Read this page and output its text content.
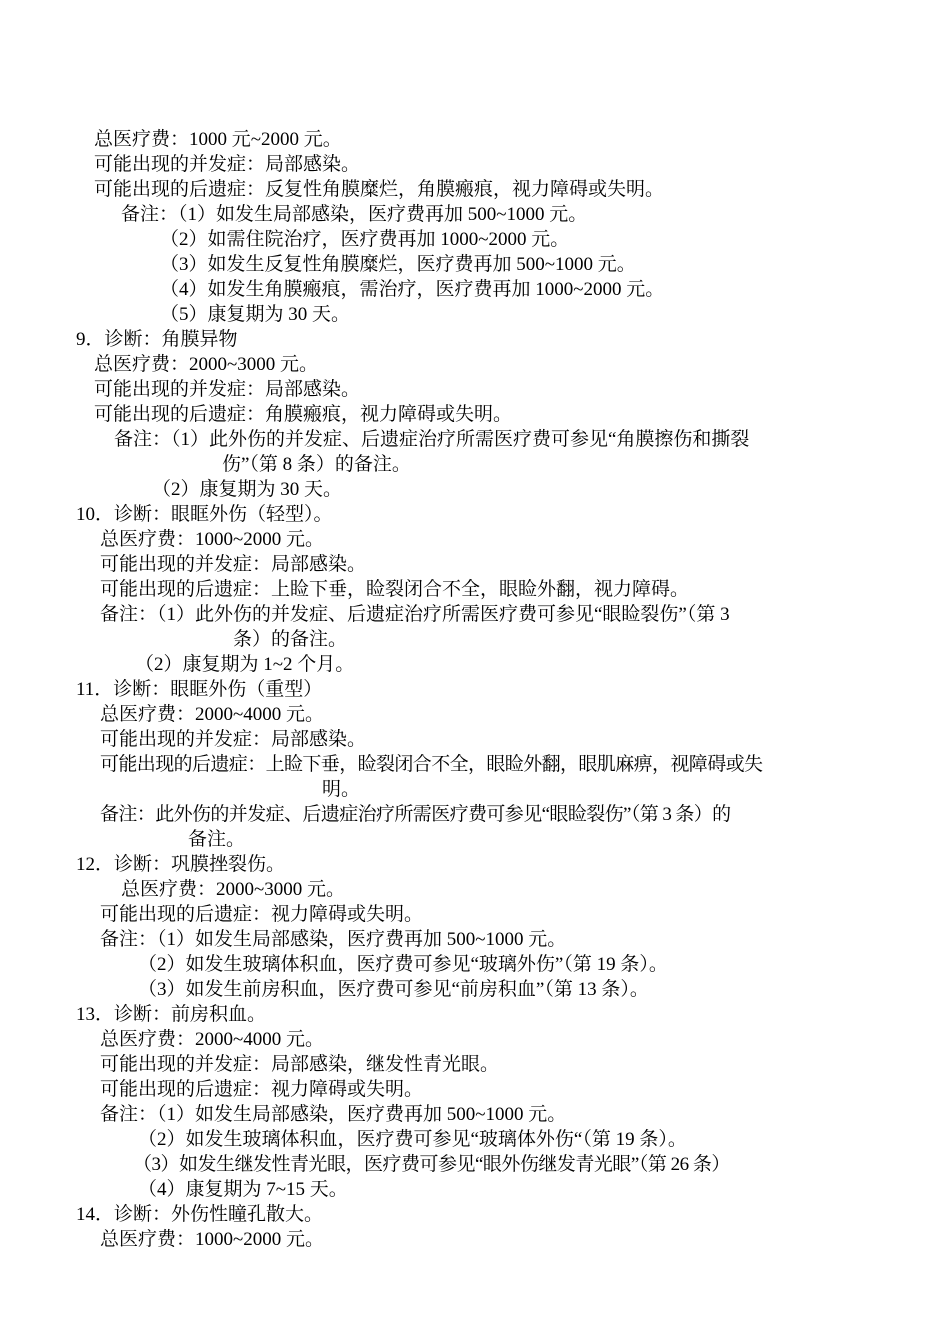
总医疗费：1000 元~2000 元。
可能出现的并发症：局部感染。
可能出现的后遗症：反复性角膜糜烂，角膜瘢痕，视力障碍或失明。
备注：（1）如发生局部感染，医疗费再加 500~1000 元。
（2）如需住院治疗，医疗费再加 1000~2000 元。
（3）如发生反复性角膜糜烂，医疗费再加 500~1000 元。
（4）如发生角膜瘢痕，需治疗，医疗费再加 1000~2000 元。
（5）康复期为 30 天。
9．诊断：角膜异物
总医疗费：2000~3000 元。
可能出现的并发症：局部感染。
可能出现的后遗症：角膜瘢痕，视力障碍或失明。
备注：（1）此外伤的并发症、后遗症治疗所需医疗费可参见“角膜擦伤和撕裂
伤”（第 8 条）的备注。
（2）康复期为 30 天。
10．诊断：眼眶外伤（轻型）。
总医疗费：1000~2000 元。
可能出现的并发症：局部感染。
可能出现的后遗症：上睑下垂，睑裂闭合不全，眼睑外翻，视力障碍。
备注：（1）此外伤的并发症、后遗症治疗所需医疗费可参见“眼睑裂伤”（第 3
条）的备注。
（2）康复期为 1~2 个月。
11．诊断：眼眶外伤（重型）
总医疗费：2000~4000 元。
可能出现的并发症：局部感染。
可能出现的后遗症：上睑下垂，睑裂闭合不全，眼睑外翻，眼肌麻痹，视障碍或失
明。
备注：此外伤的并发症、后遗症治疗所需医疗费可参见“眼睑裂伤”（第 3 条）的
备注。
12．诊断：巩膜挫裂伤。
总医疗费：2000~3000 元。
可能出现的后遗症：视力障碍或失明。
备注：（1）如发生局部感染，医疗费再加 500~1000 元。
（2）如发生玻璃体积血，医疗费可参见“玻璃外伤”（第 19 条）。
（3）如发生前房积血，医疗费可参见“前房积血”（第 13 条）。
13．诊断：前房积血。
总医疗费：2000~4000 元。
可能出现的并发症：局部感染，继发性青光眼。
可能出现的后遗症：视力障碍或失明。
备注：（1）如发生局部感染，医疗费再加 500~1000 元。
（2）如发生玻璃体积血，医疗费可参见“玻璃体外伤“（第 19 条）。
（3）如发生继发性青光眼，医疗费可参见“眼外伤继发青光眼”（第 26 条）
（4）康复期为 7~15 天。
14．诊断：外伤性瞳孔散大。
总医疗费：1000~2000 元。
